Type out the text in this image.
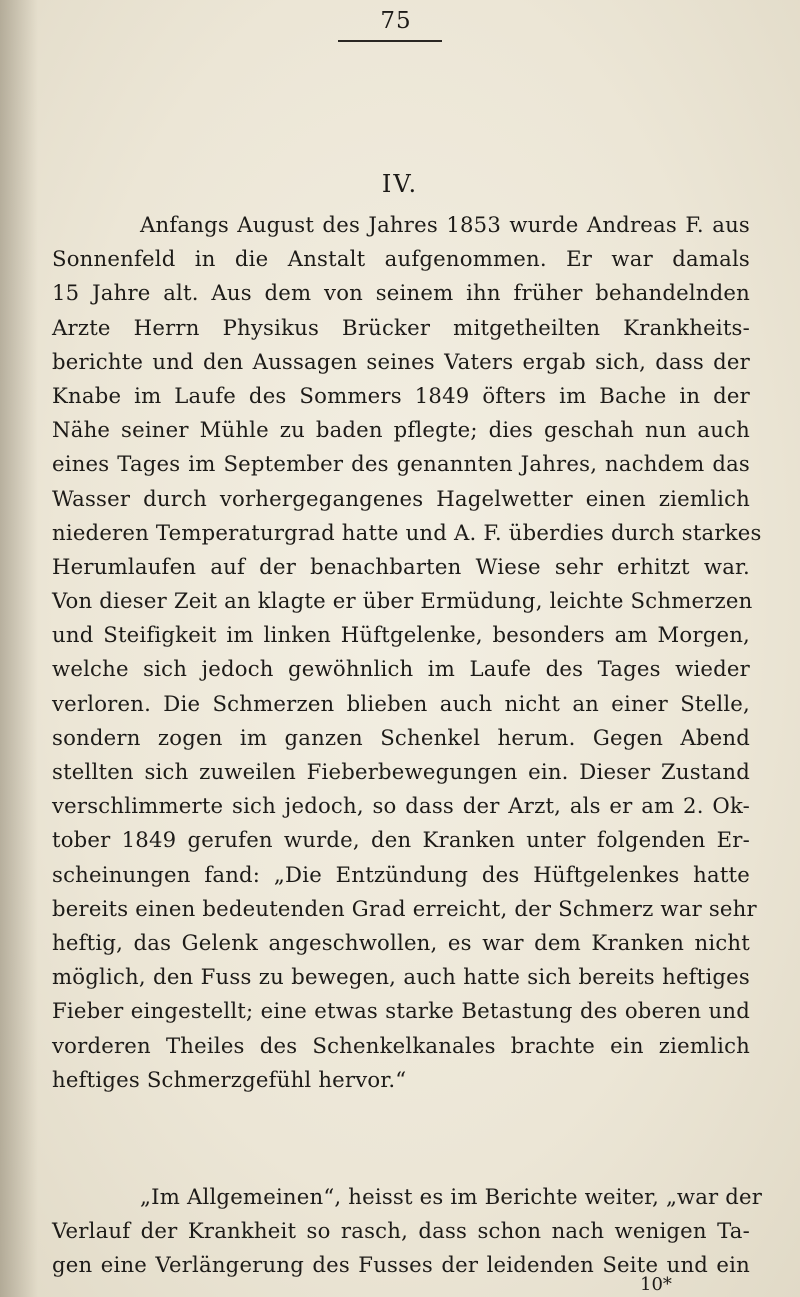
75
IV.
Anfangs August des Jahres 1853 wurde Andreas F. aus
Sonnenfeld in die Anstalt aufgenommen. Er war damals
15 Jahre alt. Aus dem von seinem ihn früher behandelnden
Arzte Herrn Physikus Brücker mitgetheilten Krankheits-
berichte und den Aussagen seines Vaters ergab sich, dass der
Knabe im Laufe des Sommers 1849 öfters im Bache in der
Nähe seiner Mühle zu baden pflegte; dies geschah nun auch
eines Tages im September des genannten Jahres, nachdem das
Wasser durch vorhergegangenes Hagelwetter einen ziemlich
niederen Temperaturgrad hatte und A. F. überdies durch starkes
Herumlaufen auf der benachbarten Wiese sehr erhitzt war.
Von dieser Zeit an klagte er über Ermüdung, leichte Schmerzen
und Steifigkeit im linken Hüftgelenke, besonders am Morgen,
welche sich jedoch gewöhnlich im Laufe des Tages wieder
verloren. Die Schmerzen blieben auch nicht an einer Stelle,
sondern zogen im ganzen Schenkel herum. Gegen Abend
stellten sich zuweilen Fieberbewegungen ein. Dieser Zustand
verschlimmerte sich jedoch, so dass der Arzt, als er am 2. Ok-
tober 1849 gerufen wurde, den Kranken unter folgenden Er-
scheinungen fand: „Die Entzündung des Hüftgelenkes hatte
bereits einen bedeutenden Grad erreicht, der Schmerz war sehr
heftig, das Gelenk angeschwollen, es war dem Kranken nicht
möglich, den Fuss zu bewegen, auch hatte sich bereits heftiges
Fieber eingestellt; eine etwas starke Betastung des oberen und
vorderen Theiles des Schenkelkanales brachte ein ziemlich
heftiges Schmerzgefühl hervor.“
„Im Allgemeinen“, heisst es im Berichte weiter, „war der
Verlauf der Krankheit so rasch, dass schon nach wenigen Ta-
gen eine Verlängerung des Fusses der leidenden Seite und ein
10*
